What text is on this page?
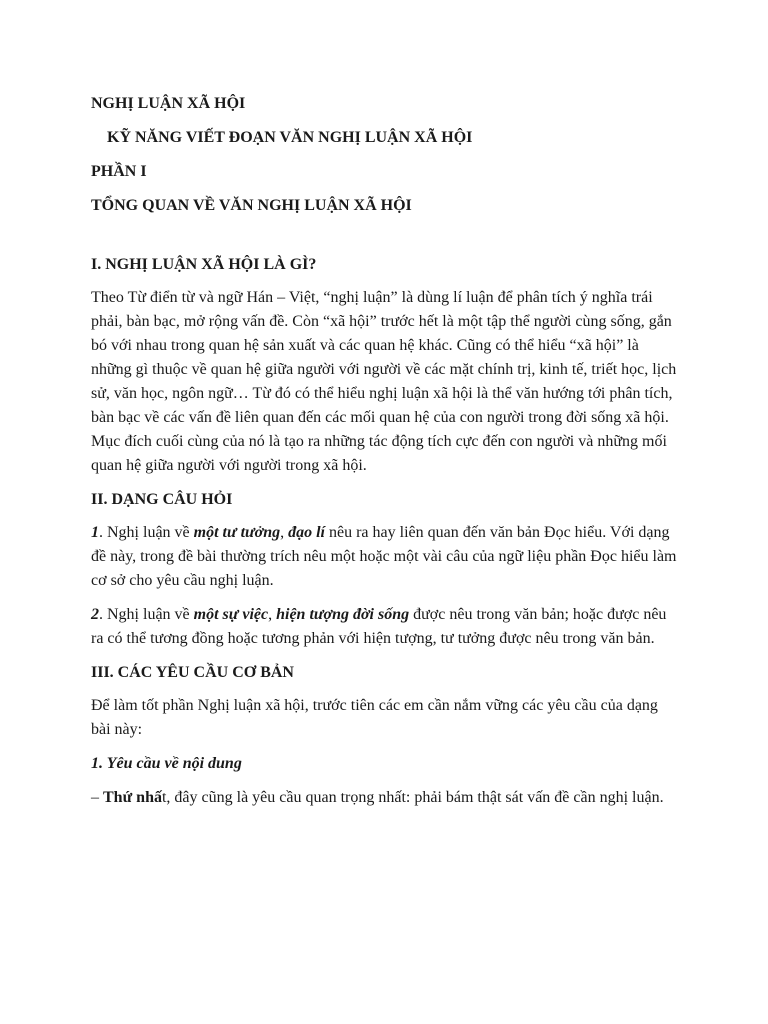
NGHỊ LUẬN XÃ HỘI

KỸ NĂNG VIẾT ĐOẠN VĂN NGHỊ LUẬN XÃ HỘI

PHẦN I

TỔNG QUAN VỀ VĂN NGHỊ LUẬN XÃ HỘI

I. NGHỊ LUẬN XÃ HỘI LÀ GÌ?

Theo Từ điển từ và ngữ Hán – Việt, “nghị luận” là dùng lí luận để phân tích ý nghĩa trái phải, bàn bạc, mở rộng vấn đề. Còn “xã hội” trước hết là một tập thể người cùng sống, gắn bó với nhau trong quan hệ sản xuất và các quan hệ khác. Cũng có thể hiểu “xã hội” là những gì thuộc về quan hệ giữa người với người về các mặt chính trị, kinh tế, triết học, lịch sử, văn học, ngôn ngữ… Từ đó có thể hiểu nghị luận xã hội là thể văn hướng tới phân tích, bàn bạc về các vấn đề liên quan đến các mối quan hệ của con người trong đời sống xã hội. Mục đích cuối cùng của nó là tạo ra những tác động tích cực đến con người và những mối quan hệ giữa người với người trong xã hội.

II. DẠNG CÂU HỎI

1. Nghị luận về một tư tưởng, đạo lí nêu ra hay liên quan đến văn bản Đọc hiểu. Với dạng đề này, trong đề bài thường trích nêu một hoặc một vài câu của ngữ liệu phần Đọc hiểu làm cơ sở cho yêu cầu nghị luận.

2. Nghị luận về một sự việc, hiện tượng đời sống được nêu trong văn bản; hoặc được nêu ra có thể tương đồng hoặc tương phản với hiện tượng, tư tưởng được nêu trong văn bản.

III. CÁC YÊU CẦU CƠ BẢN

Để làm tốt phần Nghị luận xã hội, trước tiên các em cần nắm vững các yêu cầu của dạng bài này:

1. Yêu cầu về nội dung

– Thứ nhất, đây cũng là yêu cầu quan trọng nhất: phải bám thật sát vấn đề cần nghị luận.
